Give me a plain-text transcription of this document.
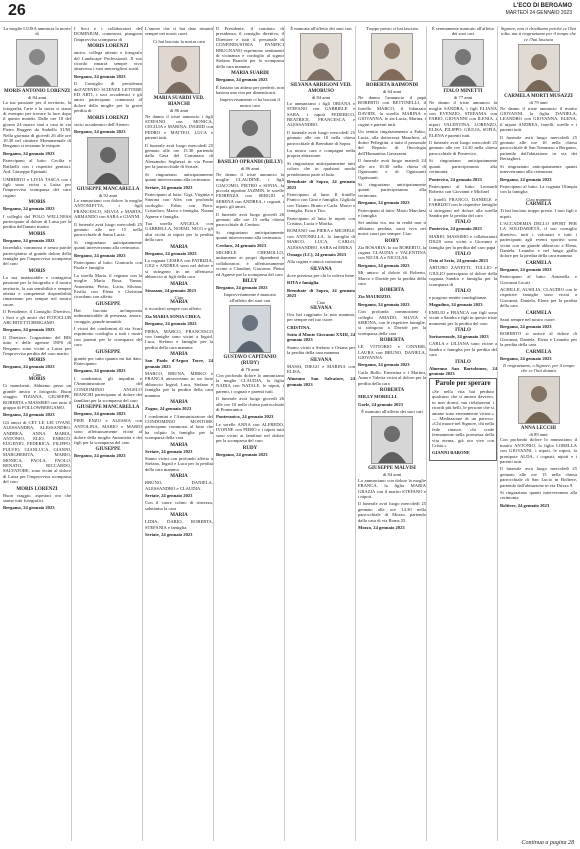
26	L'ECO DI BERGAMO
MARTEDÌ 24 GENNAIO 2023
La moglie LUISA annuncia la morte di
MORIS ANTONIO LORENZI
di 84 anni

La tua passione per il territorio, la fotografia, l'arte e la storia ci siano di esempio per trovare la luce dopo il questo mondo. Dalle ore 18 del giorno 24 marzo sarà a casa in via Pietro Ruggeri da Stabello 31/M. Nella giornata di giovedì 26 alle ore 10.30 nel cimitero Monumentale di Bergamo si terranno le esequie.

Bergamo, 24 gennaio 2023

Partecipano al lutto: Cecilia e Raffaelli con i rispettivi genitori. Ard. Giuseppe Epimatti

UMBERTO e LIVIA TASCA con i figli sono vicini a Luisa per l'improvvisa scomparsa del caro cugino

MORIS

Bergamo, 24 gennaio 2023

I colleghi del POLO WELLNESS partecipano al dolore di Luisa per la perdita dell'amato marito

MORIS

Bergamo, 24 gennaio 2023

Incredulii, commossi e senza parole partecipiamo al grande dolore della famiglia per l'improvvisa scomparsa del caro

MORIS

La sua instancabile e contagiosa passione per la fotografia e il nostro territorio, la sua sensibilità e sempre attenta e competente disponibilità rimarranno per sempre nel nostro cuore.

Il Presidente, il Consiglio Direttivo, i Soci e gli amici del FOTOCLUB ARCHITETTI BERGAMO

Bergamo, 24 gennaio 2023

Il Direttore, l'organismo del BIS tutto e delle agenzie INPS di Bergamo sono vicini a Luisa per l'improvvisa perdita del caro marito

MORIS

Bergamo, 24 gennaio 2023

Ciao
MORIS

Ci mancherai. Abbiamo perso un grande amico e fotografo. Buon viaggio. TIZIANA, GIUSEPPE, ROBERTA e MASSIMO con tutto il gruppo di FOLLOWBERGAMO.

Bergamo, 24 gennaio 2023

Gli amici di CET LE LEI OVANI, ALESSANDRA, ALESSANDRO, ANDREA, ANNA MARIA, ANTONIO, ELIO, ENRICO, EUGENIO, FEDERICA, FILIPPO, FULVIO, GIANLUCA, GIANNI, MARGHERITA, MARIO, MONICA, PAOLA, PAOLO, RENATO, RICCARDO, SALVATORE, sono vicini al dolore di Luisa per l'improvvisa scomparsa del caro

MORIS LORENZI

Buon viaggio, aspettaci ora che siamo tutti fotografici.

Bergamo, 24 gennaio 2023

I Soci e i collaboratori del DOMINIUM, commossi, piangono l'improvvisa scomparsa di

MORIS LORENZI

amico, collega attento e fotografo del Landscape Professional. Il suo ricordo rimarrà sempre vivo attraverso i suoi meravigliosi scatti.

Bergamo, 24 gennaio 2023

Il Consiglio di presidenza dell'ATENEO SCIENZE LETTERE ED ARTI, i soci accademici e gli amici partecipano commossi al dolore della moglie per la grave perdita di

MORIS LORENZI

socio accademico dell'Ateneo.

Bergamo, 24 gennaio 2023

GIUSEPPE MANCARELLA
di 92 anni

Lo annunciano con dolore la moglie ANTONIETTA, i figli FRANCESCO, SILVIA e MARTA, ARMANDO con SARA e GIANNI.

Il funerale avrà luogo mercoledì 25 gennaio alle ore 15 nella parrocchiale di Santa Lucia.

Si ringraziano anticipatamente quanti interverranno alla cerimonia.

Bergamo, 24 gennaio 2023

Partecipano al lutto: Giancarlo con Paola e famiglia

La sorella Maria, il cognato con la moglie Maria Rosa, Vanna, Antonietta, Pietro, Lucia, Silvana, Ersilia con Elena e Christian ricordano con affetto

GIUSEPPE

Hai lasciato un'impronta indimenticabile di presenza, amore, coraggio, grande umanità.

I vicini dei condomini di via Scuri esprimono cordoglio a tutti i nostri con parenti per la scomparsa del caro

GIUSEPPE

grande per tutto quanto mi hai dato. Partecipano:

Bergamo, 24 gennaio 2023

I condomini, gli inquilini e l'Amministratore del CONDOMINIO ANGELO BIANCHI partecipano al dolore dei familiari per la scomparsa del caro

GIUSEPPE MANCARELLA

Bergamo, 24 gennaio 2023

PIER ENZO e ALESSIA con ANTOLINA, MARIO e MARIO sono affettuosamente vicini al dolore della moglie Antonietta e dei figli per la scomparsa del caro

GIUSEPPE

Bergamo, 24 gennaio 2023

L'amore che ci hai dato rimarrà sempre nei nostri cuori.

Ci hai lasciato la nostra cara
MARIA SUARDI VED. BIANCHI
di 86 anni

Ne danno il triste annuncio i figli STEFANO con MONICA, CECILIA e MARINA, INGRID con PEDRO e MATTEO, LUCA e parenti tutti.

Il funerale avrà luogo mercoledì 25 gennaio alle ore 15.30 partendo dalla Casa del Commiato di Alessandro Seghezzi in via Ponte per la parrocchiale di Seriate.

Si ringraziano anticipatamente quanti interverranno alla cerimonia.

Seriate, 24 gennaio 2023

Partecipano al lutto: Gigi, Virginia e Simona con Alex con profondo cordoglio. Fabio con Piera. Cristoforo, Marco e famiglia. Nonna Agnese e famiglia.

Tua sorella ANGELA con GABRIELLA, NOEMI, NICO e gli altri vicini ai nipoti per la perdita della cara

MARIA

Bergamo, 24 gennaio 2023

La cognata CESIRA con PATRIZIA, GIGI e ANDREA sono nel dolore e si stringono in un affettuoso abbraccio ai figli della cara

MARIA

Stezzano, 24 gennaio 2023

Ciao
MARIA

ti ricorderò sempre con affetto.

Zia MARIA SONIA CIREA.

Bergamo, 24 gennaio 2023

PIERA, MARCO, FRANCESCO con famiglie sono vicini a Ingrid, Luca, Stefano e famiglie per la perdita della cara mamma

MARIA

San Paolo d'Argon Torre, 24 gennaio 2023

MARCO, BRUNA, MIRKO e FRANCA attraversano in un forte abbraccio Ingrid, Luca, Stefano e famiglia per la perdita della cara mamma

MARIA

Zogno, 24 gennaio 2023

I condomini e l'Amministratore del CONDOMINIO MONTORE partecipano commossi al lutto che ha colpito la famiglia per la scomparsa della cara

MARIA

Seriate, 24 gennaio 2023

Siamo vicini con profondo affetto a Stefano, Ingrid e Luca per la perdita della cara mamma

MARIA

BRUNO, DANIELA, ALESSANDRO e CLAUDIA.

Seriate, 24 gennaio 2023

Con il cuore colmo di tristezza, salutiamo la cara

MARIA

LIDIA, DARIO, ROBERTA, STEFANIA e famiglia.

Seriate, 24 gennaio 2023

Il Presidente, il comitato di presidenza, il consiglio direttivo, il Direttore e tutti il personale di CONFINDUSTRIA PANIFICI BRUGNANO esprimono sentimenti di vicinanza e cordoglio al signor Stefano Bianchi per la scomparsa della cara mamma

MARIA SUARDI

Bergamo, 24 gennaio 2023

È bastato un attimo per perderti, non bastera una vita per dimenticarti.

Improvvisamente ci ha lasciati il nostro caro
BASILIO OPRANDI (BILLY)
di 86 anni

Ne danno il triste annuncio la moglie CLAUDINE, i figli GIACOMO, PIETRO e SONIA, la piccola nipotine JAZMIN, le sorelle FIORENZA con SERGIO e SERENA con ANDREA, i cognati, i nipoti, gli amici.

Il funerale avrà luogo giovedì 26 gennaio alle ore 15 nella chiesa parrocchiale di Credaro.

Si ringraziano anticipatamente quanti interverranno alla cerimonia.

Credaro, 24 gennaio 2023

MICHELE CHEMOLLO, unitamente ai propri dipendenti e collaboratori, è affettuosamente vicino a Claudine, Giacomo, Pietra ed Agnese per la scomparsa del caro

BILLY

Bergamo, 24 gennaio 2023

Improvvisamente è mancato all'affetto dei suoi cari
GUSTAVO CAPITANIO (RUDY)
di 76 anni

Con profondo dolore lo annunciano la moglie CLAUDIA, la figlia NADIA con NATALE, le nipoti, i parenti, i cognati e parenti tutti.

Il funerale avrà luogo giovedì 26 alle ore 10 nella chiesa parrocchiale di Ponteranica.

Ponteranica, 24 gennaio 2023

Le sorelle ANNA con ALFREDO, IVONNE con PIERO e i nipoti tutti sono vicini ai familiari nel dolore per la scomparsa del caro

RUDY

Bergamo, 24 gennaio 2023

È mancata all'affetto dei suoi cari
SILVANA ARRIGONI VED. AMORUSO
di 84 anni

Lo annunciano i figli ORIANA e STEFANO con GABRIELE e SARA, i nipoti FEDERICO, BEATRICE, FRANCESCA e ALESSANDRO.

Il funerale avrà luogo mercoledì 25 gennaio alle ore 10 nella chiesa parrocchiale di Brembate di Sopra.

La nostra cara e compagna nella propria abitazione.

Si ringraziano anticipatamente tutti coloro che in qualsiasi modo prenderanno parte al lutto.

Brembate di Sopra, 24 gennaio 2023

Partecipano al lutto: Il fratello Franco con Gino e famiglia. Gigliola con Tiziano. Bruno e Carla. Marco e famiglia. Ezio e Tito.

Partecipano al lutto le nipoti con Cristina, Lucia e Marika.

ROMANO con PIERA e MICHELE con ANTONELLA, la famiglia di MARCO, LUCA, CARLO, ALESSANDRO, SARA ed ERIKA

Osnago (LC), 24 gennaio 2023

Alla cugina e amica carissima

SILVANA

dove preziosa per chi la voleva bene.

RITA e famiglia.

Brembate di Sopra, 24 gennaio 2023

Ciao
SILVANA

Ora hai raggiunto la mia mamma, per sempre nel tuo cuore.

CRISTINA.

Sotto il Monte Giovanni XXIII, 24 gennaio 2023

Siamo vicini a Stefano e Oriana per la perdita della cara mamma

SILVANA

MASSI, DIEGO e MARINA con ELISA.

Almenno San Salvatore, 24 gennaio 2023

Troppo presto ci hai lasciato
ROBERTA RAIMONDI
di 64 anni

Ne danno l'annuncio il papà ROBERTO con BETTINELLI, il fratello MARCO, il fidanzato DAVIDE, la sorella MARINA e GIOVANNA, le zie Lucia, Marina, i cugini e parenti tutti.

Un sentito ringraziamento a Fabio, Lucia, alla dottoressa Manchesi, al dottor Pellegrini, a tutto il personale del Reparto di Oncologia dell'Humanitas Gavazzeni.

Il funerale avrà luogo martedì 24 alle ore 10.30 nella chiesa di Ognissanti e di Ognissanti Ognissanti.

Si ringraziano anticipatamente quanti parteciperanno alla cerimonia.

Bergamo, 24 gennaio 2023

Partecipano al lutto: Mario Marchesi e famiglia

Sei andata via, ma in realtà non ti abbiamo perduta, sarai viva nei nostri cuori per sempre. Ciao

ROBY

Zia ROSARIA, lo zio ROBERTO, la cugina CLAUDIA e VALENTINA con NICOLA e NICOLAS.

Bergamo, 24 gennaio 2023

Mi unisco al dolore di Roberto, Marco e Davide per la perdita della cara

ROBERTA

Zio MAURIZIO.

Bergamo, 24 gennaio 2023

Con profonda commozione i colleghi AMADO, SILVIA e SIMONA, con le rispettive famiglie, si stringono a Davide per la scomparsa della cara

ROBERTA

LE VITTORIO e CINNERI, LAURA con BRUNO, DANIELA, GIOVANNA

Bergamo, 24 gennaio 2023

Carlo Rollo, Ernestina e i Martini, Anna e Valeria vicini al dolore per la perdita della cara

ROBERTA

MILLY MORELLI.

Gorle, 24 gennaio 2023

È mancato all'affetto dei suoi cari
GIUSEPPE MALVISI
di 84 anni

Lo annunciano con dolore la moglie FRANCA, la figlia MARIA GRAZIA con il marito STEFANO e i nipoti.

Il funerale avrà luogo mercoledì 25 gennaio alle ore 14.30 nella parrocchiale di Mozzo, partendo dalla casa di via Roma 25.

Mozzo, 24 gennaio 2023

È serenamente mancato all'affetto dei suoi cari
ITALO MINETTI
di 77 anni

Ne danno il triste annuncio la moglie SANDRA, i figli ELIANA con EVENZIO, STEFANIA con FABIO, GIOVANNI con ILENIA, i nipoti VALENTINA, LORENZO, ELISA, FILIPPO, GIULIA, SOFIA, ELENA e parenti tutti.

Il funerale avrà luogo mercoledì 25 gennaio alle ore 14.30 nella chiesa parrocchiale di Pontevico.

Si ringraziano anticipatamente quanti parteciperanno alla cerimonia.

Pontevico, 24 gennaio 2023

Partecipano al lutto: Leonardi Roberta con Giovanni e Michael

I fratelli FRANCO, DANIELE e FABRIZIO con le rispettive famiglie si stringono nel dolore alla sorella Sandra per la perdita del caro

ITALO

Pontevico, 24 gennaio 2023

MARIO, MASSIMO e collaboratori DIGIS sono vicini a Giovanni e famiglia per la perdita del caro papà

ITALO

Orio al Serio, 24 gennaio 2023

ARTURO ZANETTI, TULLIO e GIULIO partecipano al dolore della cognata Sandra e famiglia per la scomparsa di

ITALO

e porgono sentite condoglianze.

Magadino, 24 gennaio 2023

EMILIO e FRANCA con figli sono vicini a Sandra e figli in questo triste momento per la perdita del caro

ITALO

Sorisoreasole, 24 gennaio 2023

CARLA e LILIANA sono vicine a Sandra e famiglia per la perdita del caro

ITALO

Almenno San Bartolomeo, 24 gennaio 2023

Parole per sperare

«Se nella vita hai perduto qualcuno che ti amava davvero, tu non dormi, ma rielaborerai i ricordi più belli, le persone che si amano sono eternamente vicine.» — Meditazione di un parroco. «Chi muore nel Signore, chi nella fede rinasce, chi crede fermamente nella promessa della vita eterna, già ora vive con Cristo.»

GIANNI BARONE

Signore, non ti chiediamo perché ce l'hai tolta, ma ti ringraziamo per il tempo che ce l'hai lasciata

CARMELA MORTI MUSAZZI
di 79 anni

Ne danno il triste annuncio il marito GIOVANNI, la figlia DANIELA, LEANDRO con GIOVANNA, ELENA, il nipote ANDREA, fratelli, sorelle e i parenti tutti.

Il funerale avrà luogo mercoledì 25 gennaio alle ore 10 nella chiesa parrocchiale di San Tommaso a Bergamo, partendo dall'abitazione in via dei Bersaglieri.

Si ringraziano anticipatamente quanti interverranno alla cerimonia.

Bergamo, 24 gennaio 2023

Partecipano al lutto: La cognata Olimpia con la famiglia

Ciao mamma
CARMELA

Ti hai lasciato troppo presto. I tuoi figli e nipoti.

L'ACCADEMIA DELLO SPORT PER LA SOLIDARIETÀ, il suo consiglio direttivo, tutti i volontari e tutti i partecipanti agli eventi sportivi sono vicini con un grande abbraccio a Elena, Daniela, Leandro e nel lungo giallo dolore per la perdita della cara mamma

CARMELA

Bergamo, 24 gennaio 2023

Partecipano al lutto: Antonella e Giovanni Locati

ACHILLE, AUSILIA, CLAUDIO con le rispettive famiglie sono vicini a Giovanni, Daniela, Elena per la perdita della cara

CARMELA

Sarai sempre nel nostro cuore.

Bergamo, 24 gennaio 2023

ROBERTO si unisce al dolore di Giovanni, Daniela, Elena e Leandro per la perdita della cara

CARMELA

Bergamo, 24 gennaio 2023

Ti ringraziamo, o Signore, per il tempo che ce l'hai donata

ANNA LECCHI
di 89 anni

Con profondo dolore lo annunciano il marito ANTONIO, la figlia LORELLA con GIOVANNI, i nipoti, le nipoti, la pronipote ALDA, i cognati, nipoti e i parenti tutti.

Il funerale avrà luogo mercoledì 25 gennaio alle ore 15 nella chiesa parrocchiale di San Lucio in Boltiere, partendo dall'abitazione in via Drizza 9.

Si ringraziano quanti interverranno alla cerimonia.

Boltiere, 24 gennaio 2023

Continua a pagina 28
